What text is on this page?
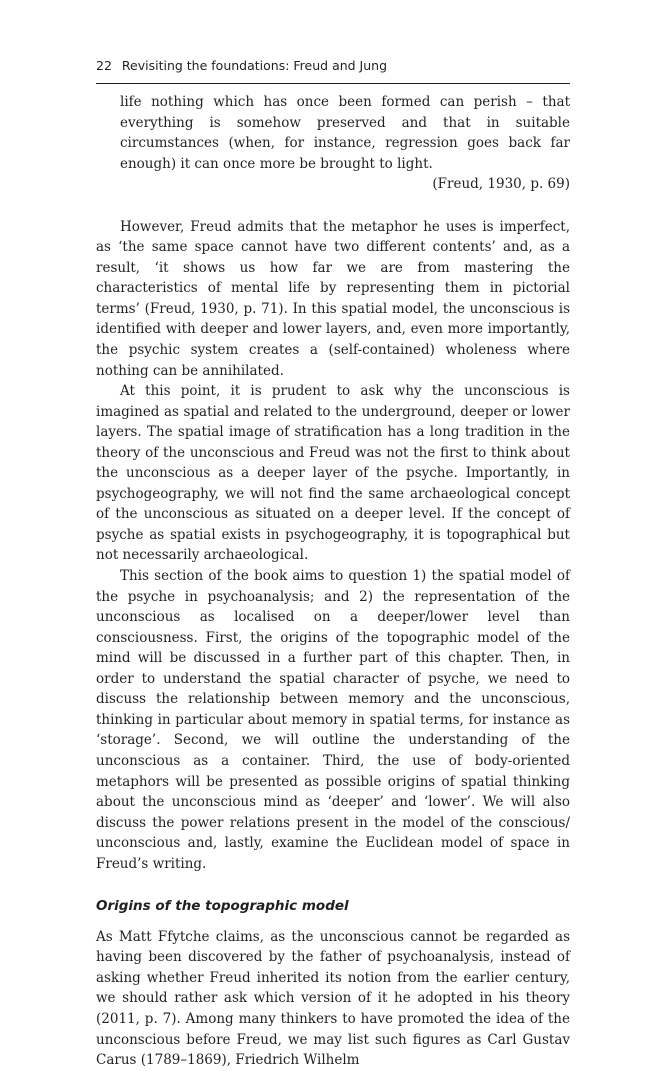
22 Revisiting the foundations: Freud and Jung

life nothing which has once been formed can perish – that everything is somehow preserved and that in suitable circumstances (when, for instance, regression goes back far enough) it can once more be brought to light.

(Freud, 1930, p. 69)

However, Freud admits that the metaphor he uses is imperfect, as ‘the same space cannot have two different contents’ and, as a result, ‘it shows us how far we are from mastering the characteristics of mental life by representing them in pictorial terms’ (Freud, 1930, p. 71). In this spatial model, the unconscious is identified with deeper and lower layers, and, even more importantly, the psychic system creates a (self-contained) wholeness where nothing can be annihilated.

At this point, it is prudent to ask why the unconscious is imagined as spatial and related to the underground, deeper or lower layers. The spatial image of stratification has a long tradition in the theory of the unconscious and Freud was not the first to think about the unconscious as a deeper layer of the psyche. Importantly, in psychogeography, we will not find the same archaeological concept of the unconscious as situated on a deeper level. If the concept of psyche as spatial exists in psychogeography, it is topographical but not necessarily archaeological.

This section of the book aims to question 1) the spatial model of the psyche in psychoanalysis; and 2) the representation of the unconscious as localised on a deeper/lower level than consciousness. First, the origins of the topographic model of the mind will be discussed in a further part of this chapter. Then, in order to understand the spatial character of psyche, we need to discuss the relationship between memory and the unconscious, thinking in particular about memory in spatial terms, for instance as ‘storage’. Second, we will outline the understanding of the unconscious as a container. Third, the use of body-oriented metaphors will be presented as possible origins of spatial thinking about the unconscious mind as ‘deeper’ and ‘lower’. We will also discuss the power relations present in the model of the conscious/​unconscious and, lastly, examine the Euclidean model of space in Freud’s writing.

Origins of the topographic model

As Matt Ffytche claims, as the unconscious cannot be regarded as having been discovered by the father of psychoanalysis, instead of asking whether Freud inherited its notion from the earlier century, we should rather ask which version of it he adopted in his theory (2011, p. 7). Among many thinkers to have promoted the idea of the unconscious before Freud, we may list such figures as Carl Gustav Carus (1789–1869), Friedrich Wilhelm
